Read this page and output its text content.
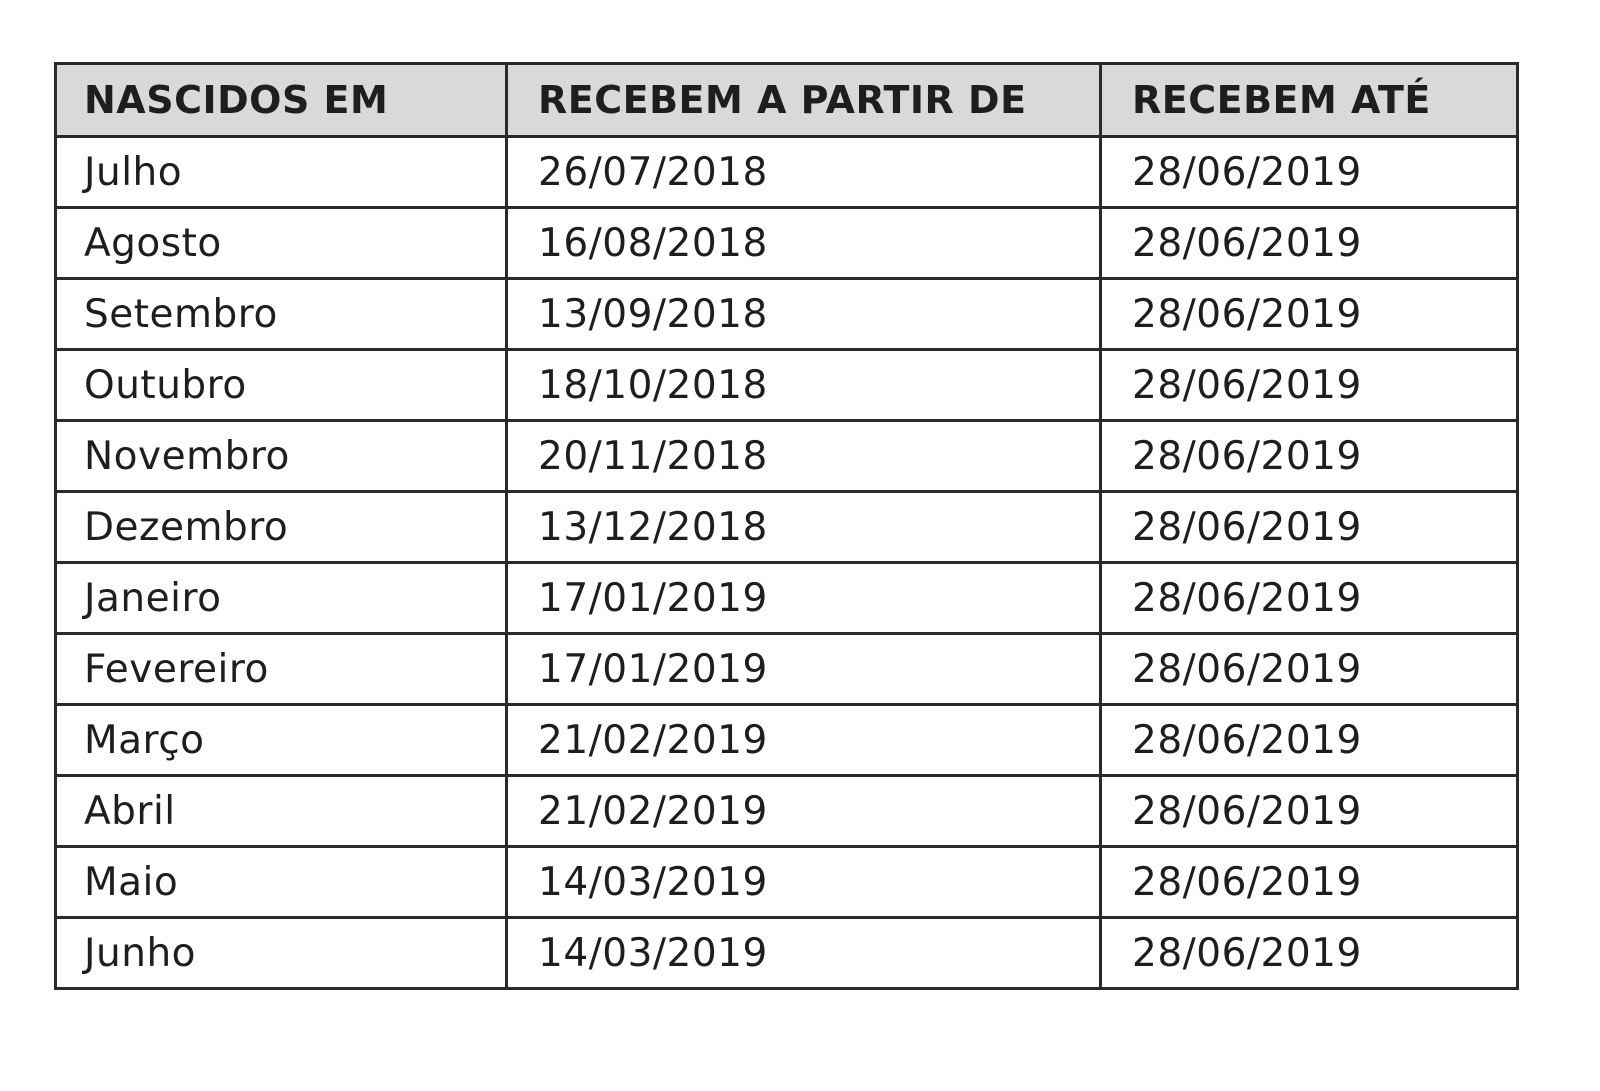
NASCIDOS EM	RECEBEM A PARTIR DE	RECEBEM ATÉ
Julho	26/07/2018	28/06/2019
Agosto	16/08/2018	28/06/2019
Setembro	13/09/2018	28/06/2019
Outubro	18/10/2018	28/06/2019
Novembro	20/11/2018	28/06/2019
Dezembro	13/12/2018	28/06/2019
Janeiro	17/01/2019	28/06/2019
Fevereiro	17/01/2019	28/06/2019
Março	21/02/2019	28/06/2019
Abril	21/02/2019	28/06/2019
Maio	14/03/2019	28/06/2019
Junho	14/03/2019	28/06/2019
